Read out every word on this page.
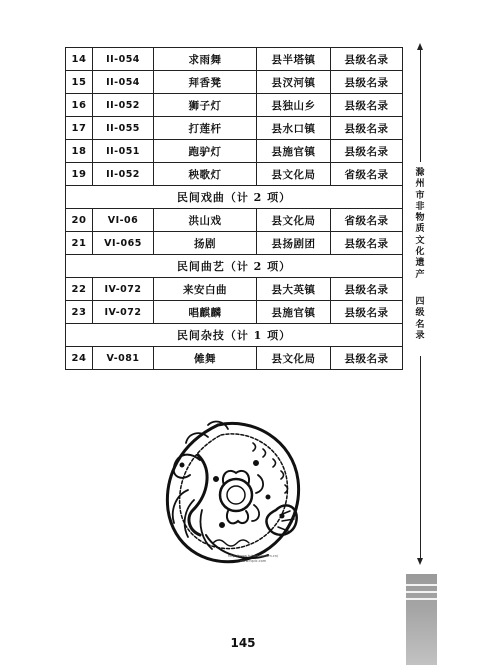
14	II-054	求雨舞	县半塔镇	县级名录
15	II-054	拜香凳	县汊河镇	县级名录
16	II-052	狮子灯	县独山乡	县级名录
17	II-055	打莲杆	县水口镇	县级名录
18	II-051	跑驴灯	县施官镇	县级名录
19	II-052	秧歌灯	县文化局	省级名录
民间戏曲（计 2 项）				
20	VI-06	洪山戏	县文化局	省级名录
21	VI-065	扬剧	县扬剧团	县级名录
民间曲艺（计 2 项）				
22	IV-072	来安白曲	县大英镇	县级名录
23	IV-072	唱麒麟	县施官镇	县级名录
民间杂技（计 1 项）				
24	V-081	傩舞	县文化局	县级名录
滁
州
市
非
物
质
文
化
遗
产
四
级
名
录
http://www.tuhwang.com.cn/
www.nipic.com
145
